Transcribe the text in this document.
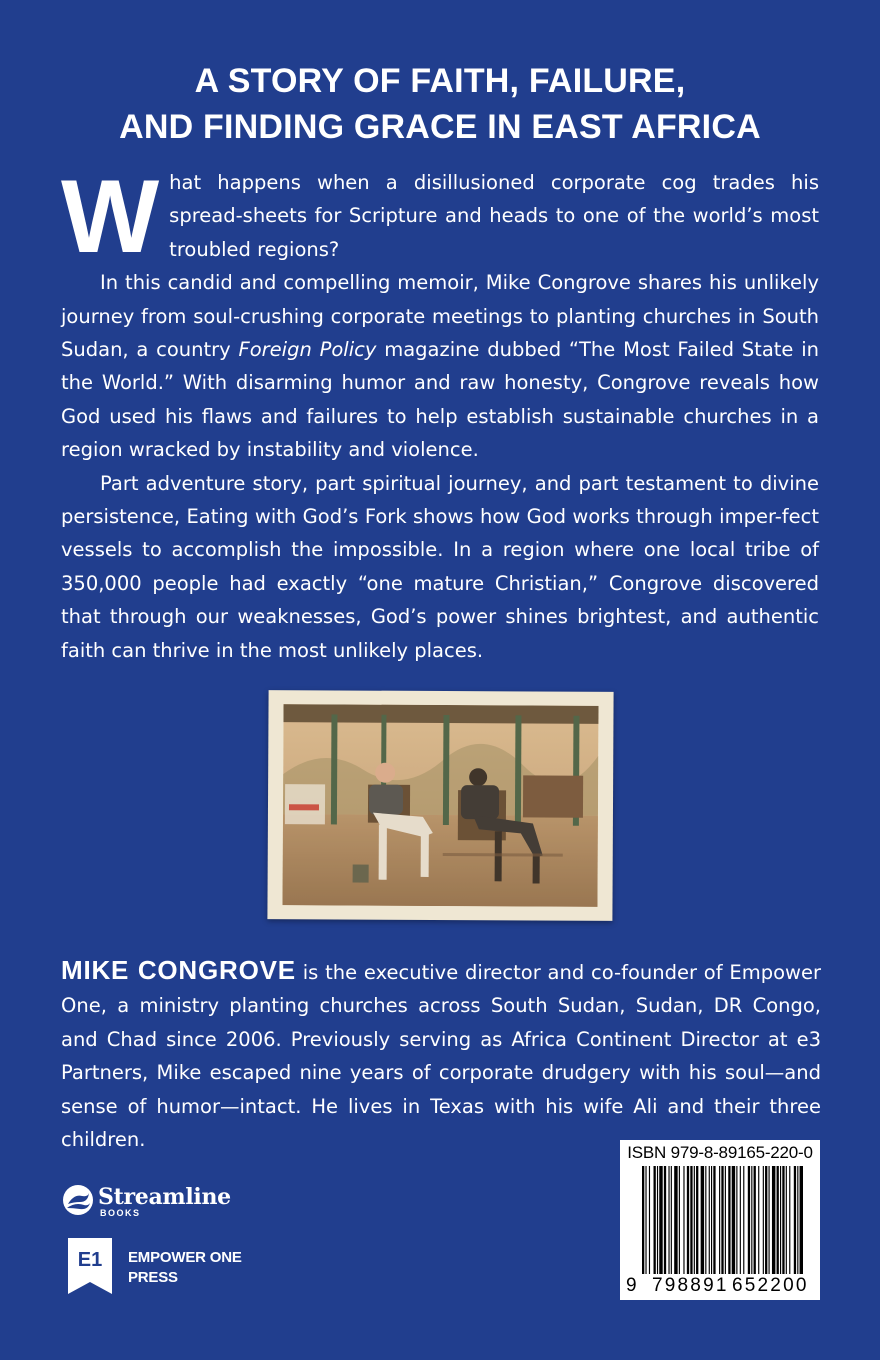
A STORY OF FAITH, FAILURE,
AND FINDING GRACE IN EAST AFRICA

What happens when a disillusioned corporate cog trades his spread-sheets for Scripture and heads to one of the world’s most troubled regions?

In this candid and compelling memoir, Mike Congrove shares his unlikely journey from soul-crushing corporate meetings to planting churches in South Sudan, a country Foreign Policy magazine dubbed “The Most Failed State in the World.” With disarming humor and raw honesty, Congrove reveals how God used his flaws and failures to help establish sustainable churches in a region wracked by instability and violence.

Part adventure story, part spiritual journey, and part testament to divine persistence, Eating with God’s Fork shows how God works through imper-fect vessels to accomplish the impossible. In a region where one local tribe of 350,000 people had exactly “one mature Christian,” Congrove discovered that through our weaknesses, God’s power shines brightest, and authentic faith can thrive in the most unlikely places.

MIKE CONGROVE is the executive director and co-founder of Empower One, a ministry planting churches across South Sudan, Sudan, DR Congo, and Chad since 2006. Previously serving as Africa Continent Director at e3 Partners, Mike escaped nine years of corporate drudgery with his soul—and sense of humor—intact. He lives in Texas with his wife Ali and their three children.

Streamline
BOOKS
E1 EMPOWER ONE
PRESS
ISBN 979-8-89165-220-0
9 798891 652200
